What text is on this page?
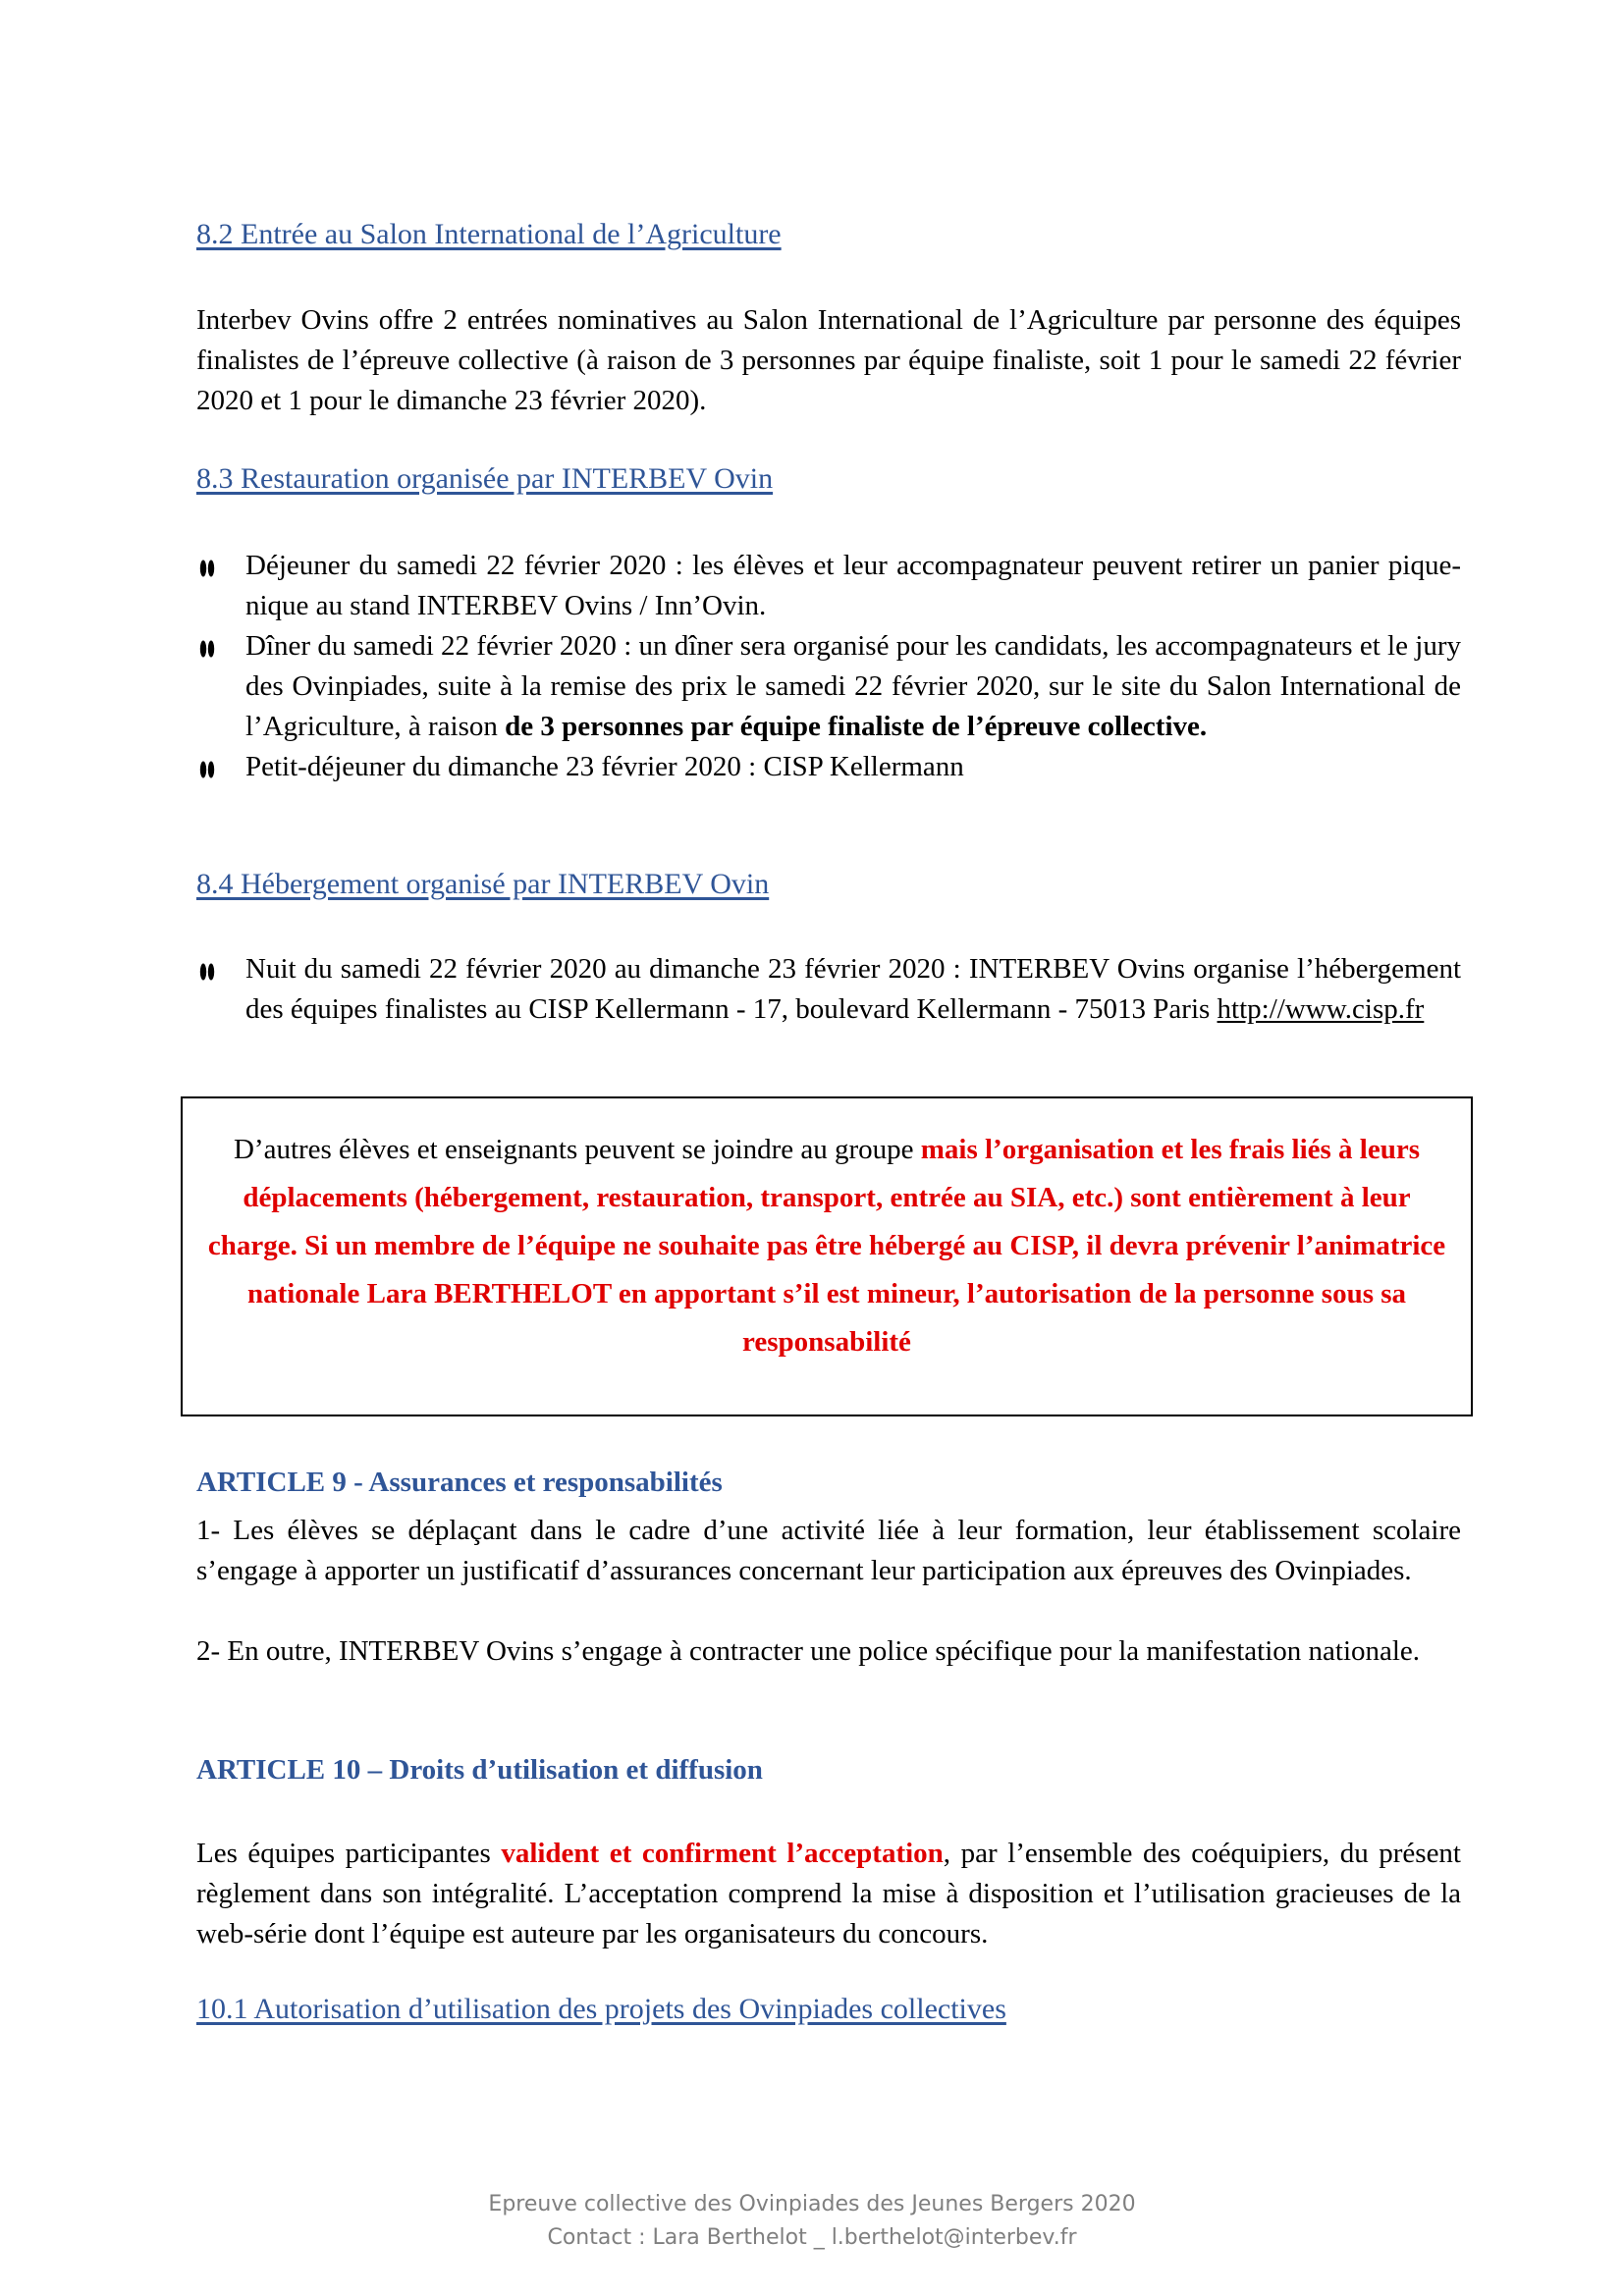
8.2 Entrée au Salon International de l’Agriculture

Interbev Ovins offre 2 entrées nominatives au Salon International de l’Agriculture par personne des équipes finalistes de l’épreuve collective (à raison de 3 personnes par équipe finaliste, soit 1 pour le samedi 22 février 2020 et 1 pour le dimanche 23 février 2020).

8.3 Restauration organisée par INTERBEV Ovin
Déjeuner du samedi 22 février 2020 : les élèves et leur accompagnateur peuvent retirer un panier pique-nique au stand INTERBEV Ovins / Inn’Ovin.
Dîner du samedi 22 février 2020 : un dîner sera organisé pour les candidats, les accompagnateurs et le jury des Ovinpiades, suite à la remise des prix le samedi 22 février 2020, sur le site du Salon International de l’Agriculture, à raison de 3 personnes par équipe finaliste de l’épreuve collective.
Petit-déjeuner du dimanche 23 février 2020 : CISP Kellermann
8.4 Hébergement organisé par INTERBEV Ovin
Nuit du samedi 22 février 2020 au dimanche 23 février 2020 : INTERBEV Ovins organise l’hébergement des équipes finalistes au CISP Kellermann - 17, boulevard Kellermann - 75013 Paris http://www.cisp.fr
D’autres élèves et enseignants peuvent se joindre au groupe mais l’organisation et les frais liés à leurs déplacements (hébergement, restauration, transport, entrée au SIA, etc.) sont entièrement à leur charge. Si un membre de l’équipe ne souhaite pas être hébergé au CISP, il devra prévenir l’animatrice nationale Lara BERTHELOT en apportant s’il est mineur, l’autorisation de la personne sous sa responsabilité
ARTICLE 9 - Assurances et responsabilités

1- Les élèves se déplaçant dans le cadre d’une activité liée à leur formation, leur établissement scolaire s’engage à apporter un justificatif d’assurances concernant leur participation aux épreuves des Ovinpiades.

2- En outre, INTERBEV Ovins s’engage à contracter une police spécifique pour la manifestation nationale.

ARTICLE 10 – Droits d’utilisation et diffusion

Les équipes participantes valident et confirment l’acceptation, par l’ensemble des coéquipiers, du présent règlement dans son intégralité. L’acceptation comprend la mise à disposition et l’utilisation gracieuses de la web-série dont l’équipe est auteure par les organisateurs du concours.

10.1 Autorisation d’utilisation des projets des Ovinpiades collectives
Epreuve collective des Ovinpiades des Jeunes Bergers 2020
Contact : Lara Berthelot _ l.berthelot@interbev.fr
